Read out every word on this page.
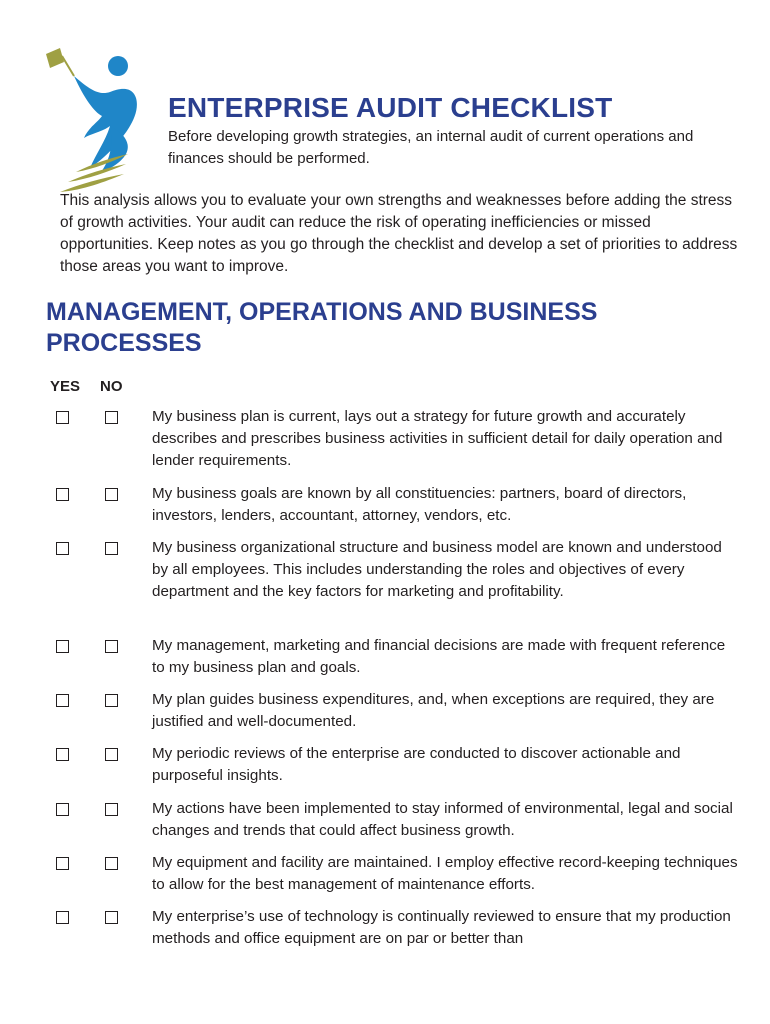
ENTERPRISE AUDIT CHECKLIST

Before developing growth strategies, an internal audit of current operations and finances should be performed.

This analysis allows you to evaluate your own strengths and weaknesses before adding the stress of growth activities. Your audit can reduce the risk of operating inefficiencies or missed opportunities. Keep notes as you go through the checklist and develop a set of priorities to address those areas you want to improve.

MANAGEMENT, OPERATIONS AND BUSINESS PROCESSES

YES NO

My business plan is current, lays out a strategy for future growth and accurately describes and prescribes business activities in sufficient detail for daily operation and lender requirements.

My business goals are known by all constituencies: partners, board of directors, investors, lenders, accountant, attorney, vendors, etc.

My business organizational structure and business model are known and understood by all employees. This includes understanding the roles and objectives of every department and the key factors for marketing and profitability.

My management, marketing and financial decisions are made with frequent reference to my business plan and goals.

My plan guides business expenditures, and, when exceptions are required, they are justified and well-documented.

My periodic reviews of the enterprise are conducted to discover actionable and purposeful insights.

My actions have been implemented to stay informed of environmental, legal and social changes and trends that could affect business growth.

My equipment and facility are maintained. I employ effective record-keeping techniques to allow for the best management of maintenance efforts.

My enterprise’s use of technology is continually reviewed to ensure that my production methods and office equipment are on par or better than
